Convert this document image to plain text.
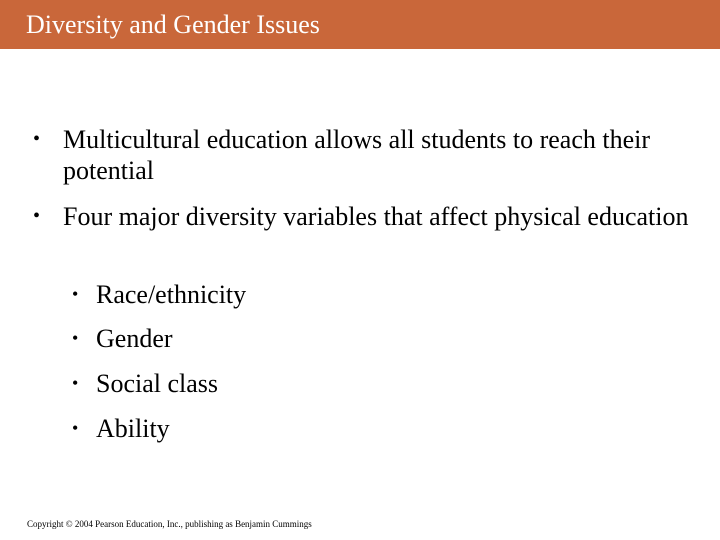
Diversity and Gender Issues
• Multicultural education allows all students to reach their potential
• Four major diversity variables that affect physical education
• Race/ethnicity
• Gender
• Social class
• Ability
Copyright © 2004 Pearson Education, Inc., publishing as Benjamin Cummings
